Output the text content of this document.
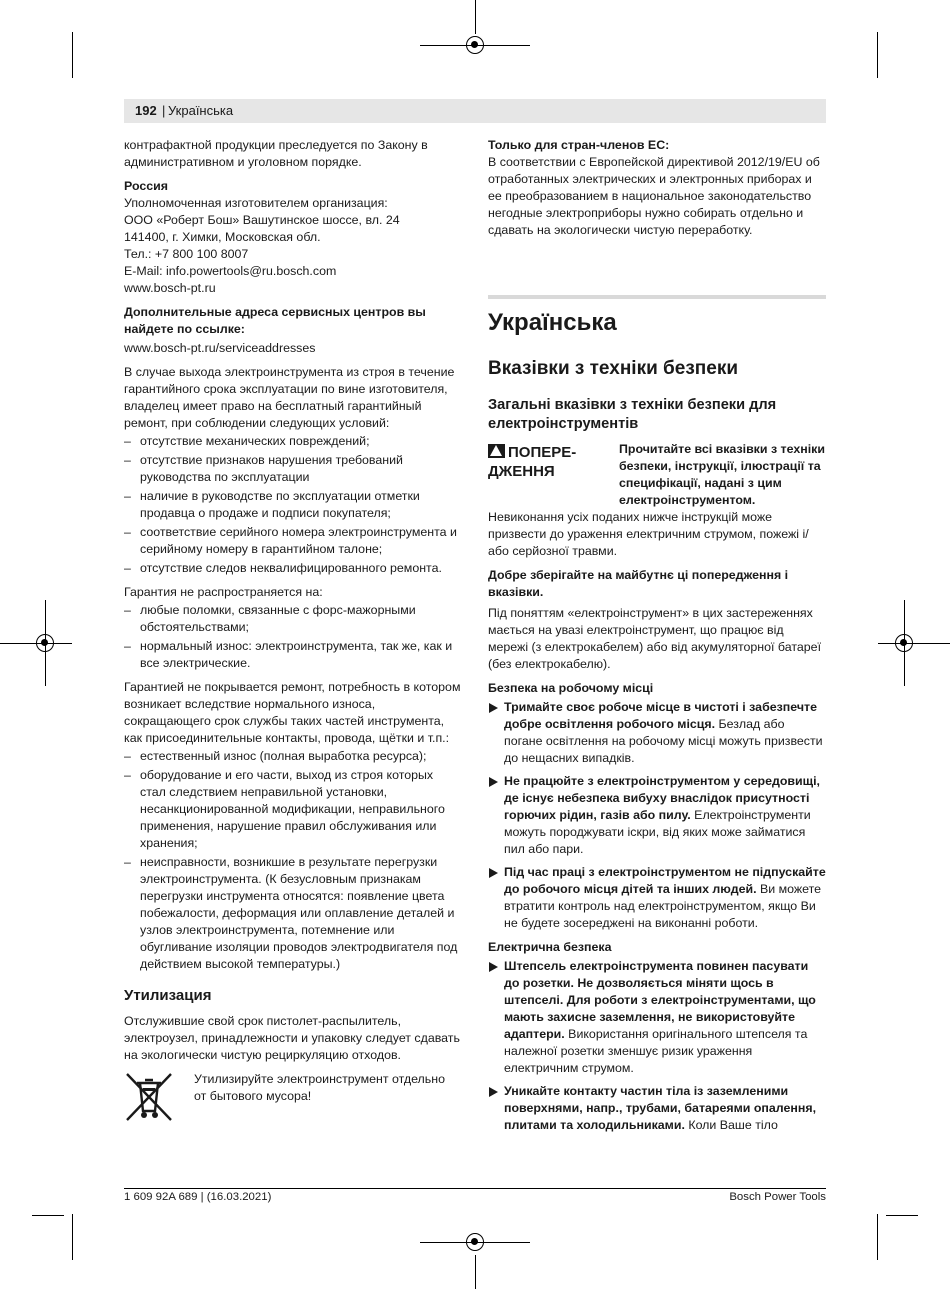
192 | Українська

контрафактной продукции преследуется по Закону в административном и уголовном порядке.

Россия

Уполномоченная изготовителем организация:
ООО «Роберт Бош» Вашутинское шоссе, вл. 24
141400, г. Химки, Московская обл.
Тел.: +7 800 100 8007
E-Mail: info.powertools@ru.bosch.com
www.bosch-pt.ru

Дополнительные адреса сервисных центров вы найдете по ссылке:

www.bosch-pt.ru/serviceaddresses

В случае выхода электроинструмента из строя в течение гарантийного срока эксплуатации по вине изготовителя, владелец имеет право на бесплатный гарантийный ремонт, при соблюдении следующих условий:

– отсутствие механических повреждений;
– отсутствие признаков нарушения требований руководства по эксплуатации
– наличие в руководстве по эксплуатации отметки продавца о продаже и подписи покупателя;
– соответствие серийного номера электроинструмента и серийному номеру в гарантийном талоне;
– отсутствие следов неквалифицированного ремонта.

Гарантия не распространяется на:

– любые поломки, связанные с форс-мажорными обстоятельствами;
– нормальный износ: электроинструмента, так же, как и все электрические.

Гарантией не покрывается ремонт, потребность в котором возникает вследствие нормального износа, сокращающего срок службы таких частей инструмента, как присоединительные контакты, провода, щётки и т.п.:

– естественный износ (полная выработка ресурса);
– оборудование и его части, выход из строя которых стал следствием неправильной установки, несанкционированной модификации, неправильного применения, нарушение правил обслуживания или хранения;
– неисправности, возникшие в результате перегрузки электроинструмента. (К безусловным признакам перегрузки инструмента относятся: появление цвета побежалости, деформация или оплавление деталей и узлов электроинструмента, потемнение или обугливание изоляции проводов электродвигателя под действием высокой температуры.)
Утилизация

Отслужившие свой срок пистолет-распылитель, электроузел, принадлежности и упаковку следует сдавать на экологически чистую рециркуляцию отходов.

Утилизируйте электроинструмент отдельно от бытового мусора!

Только для стран-членов ЕС:

В соответствии с Европейской директивой 2012/19/EU об отработанных электрических и электронных приборах и ее преобразованием в национальное законодательство негодные электроприборы нужно собирать отдельно и сдавать на экологически чистую переработку.

Українська
Вказівки з техніки безпеки
Загальні вказівки з техніки безпеки для електроінструментів
ПОПЕРЕ-ДЖЕННЯ

Прочитайте всі вказівки з техніки безпеки, інструкції, ілюстрації та специфікації, надані з цим електроінструментом. Невиконання усіх поданих нижче інструкцій може призвести до ураження електричним струмом, пожежі і/або серйозної травми.

Добре зберігайте на майбутнє ці попередження і вказівки.

Під поняттям «електроінструмент» в цих застереженнях мається на увазі електроінструмент, що працює від мережі (з електрокабелем) або від акумуляторної батареї (без електрокабелю).

Безпека на робочому місці

Тримайте своє робоче місце в чистоті і забезпечте добре освітлення робочого місця. Безлад або погане освітлення на робочому місці можуть призвести до нещасних випадків.
Не працюйте з електроінструментом у середовищі, де існує небезпека вибуху внаслідок присутності горючих рідин, газів або пилу. Електроінструменти можуть породжувати іскри, від яких може займатися пил або пари.
Під час праці з електроінструментом не підпускайте до робочого місця дітей та інших людей. Ви можете втратити контроль над електроінструментом, якщо Ви не будете зосереджені на виконанні роботи.

Електрична безпека

Штепсель електроінструмента повинен пасувати до розетки. Не дозволяється міняти щось в штепселі. Для роботи з електроінструментами, що мають захисне заземлення, не використовуйте адаптери. Використання оригінального штепселя та належної розетки зменшує ризик ураження електричним струмом.
Уникайте контакту частин тіла із заземленими поверхнями, напр., трубами, батареями опалення, плитами та холодильниками. Коли Ваше тіло
1 609 92A 689 | (16.03.2021)	Bosch Power Tools
